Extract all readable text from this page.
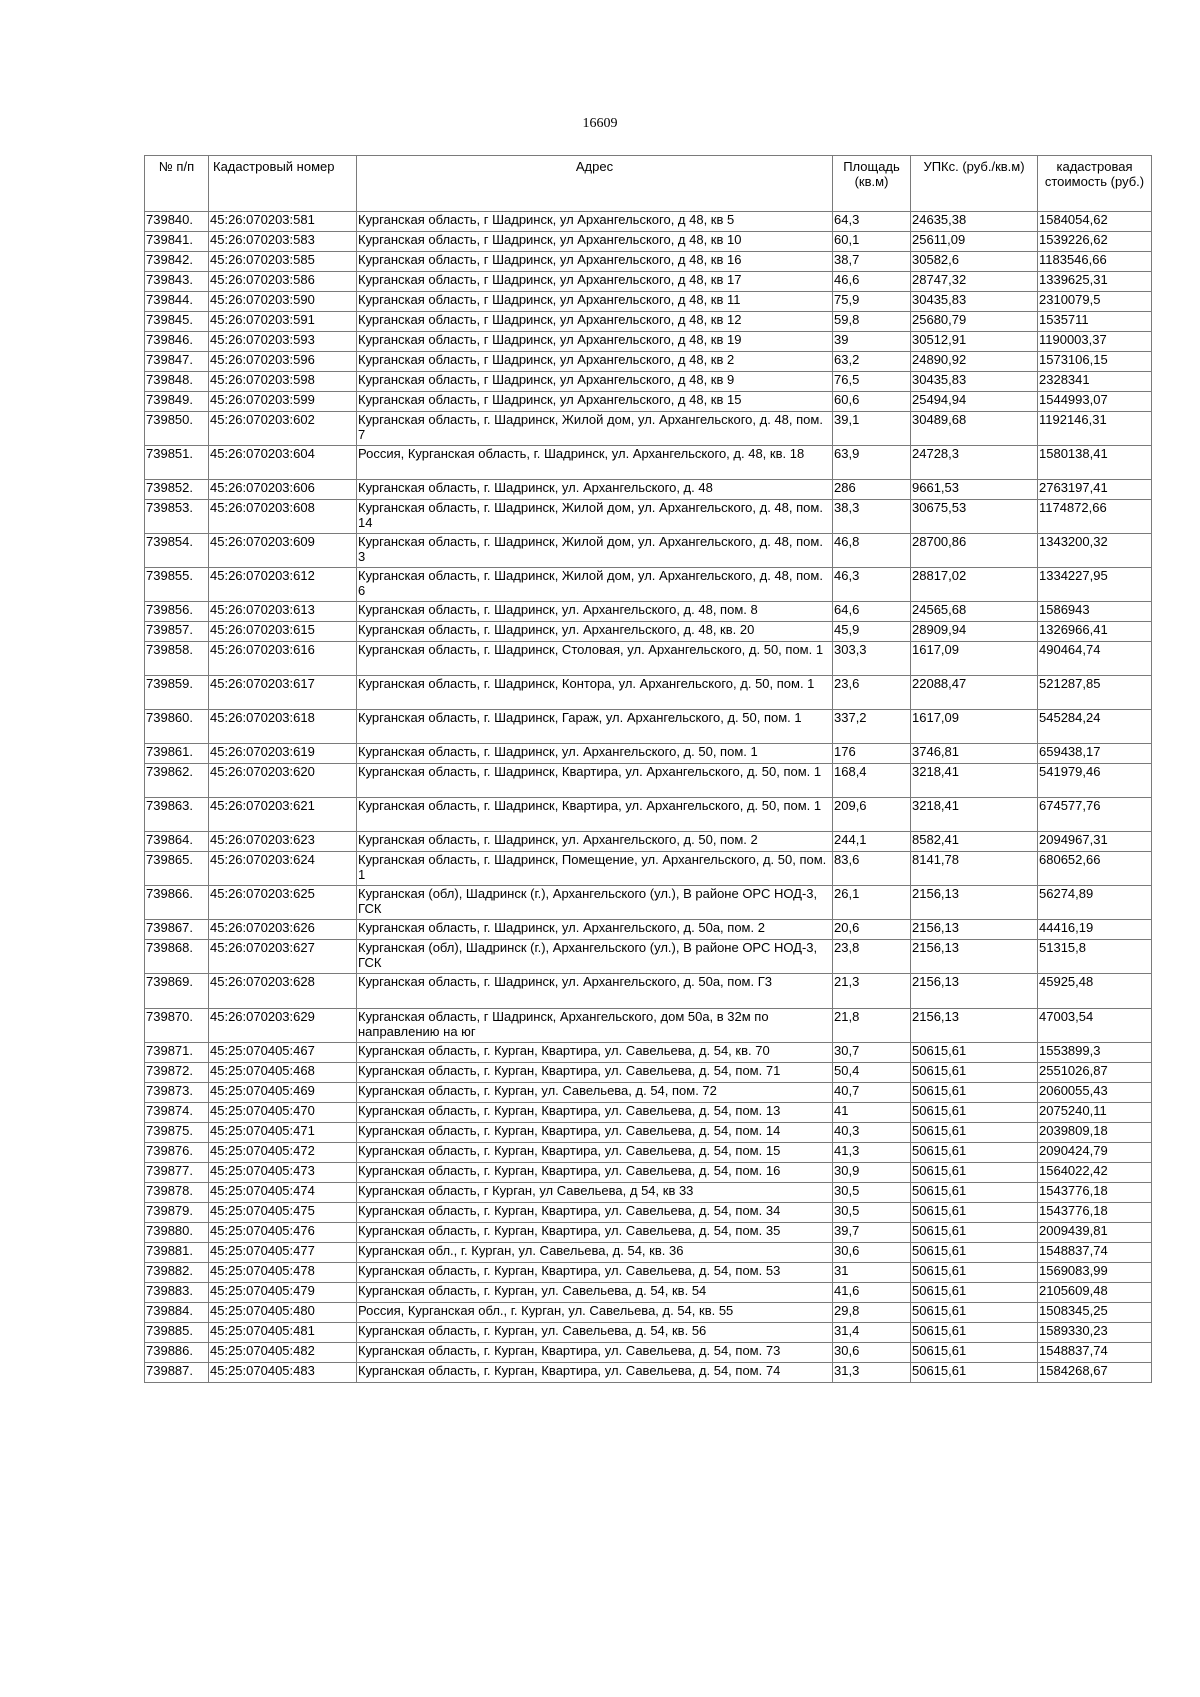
16609
№ п/п	Кадастровый номер	Адрес	Площадь (кв.м)	УПКс. (руб./кв.м)	кадастровая стоимость (руб.)
739840.	45:26:070203:581	Курганская область, г Шадринск, ул Архангельского, д 48, кв 5	64,3	24635,38	1584054,62
739841.	45:26:070203:583	Курганская область, г Шадринск, ул Архангельского, д 48, кв 10	60,1	25611,09	1539226,62
739842.	45:26:070203:585	Курганская область, г Шадринск, ул Архангельского, д 48, кв 16	38,7	30582,6	1183546,66
739843.	45:26:070203:586	Курганская область, г Шадринск, ул Архангельского, д 48, кв 17	46,6	28747,32	1339625,31
739844.	45:26:070203:590	Курганская область, г Шадринск, ул Архангельского, д 48, кв 11	75,9	30435,83	2310079,5
739845.	45:26:070203:591	Курганская область, г Шадринск, ул Архангельского, д 48, кв 12	59,8	25680,79	1535711
739846.	45:26:070203:593	Курганская область, г Шадринск, ул Архангельского, д 48, кв 19	39	30512,91	1190003,37
739847.	45:26:070203:596	Курганская область, г Шадринск, ул Архангельского, д 48, кв 2	63,2	24890,92	1573106,15
739848.	45:26:070203:598	Курганская область, г Шадринск, ул Архангельского, д 48, кв 9	76,5	30435,83	2328341
739849.	45:26:070203:599	Курганская область, г Шадринск, ул Архангельского, д 48, кв 15	60,6	25494,94	1544993,07
739850.	45:26:070203:602	Курганская область, г. Шадринск, Жилой дом, ул. Архангельского, д. 48, пом. 7	39,1	30489,68	1192146,31
739851.	45:26:070203:604	Россия, Курганская область, г. Шадринск, ул. Архангельского, д. 48, кв. 18	63,9	24728,3	1580138,41
739852.	45:26:070203:606	Курганская область, г. Шадринск, ул. Архангельского, д. 48	286	9661,53	2763197,41
739853.	45:26:070203:608	Курганская область, г. Шадринск, Жилой дом, ул. Архангельского, д. 48, пом. 14	38,3	30675,53	1174872,66
739854.	45:26:070203:609	Курганская область, г. Шадринск, Жилой дом, ул. Архангельского, д. 48, пом. 3	46,8	28700,86	1343200,32
739855.	45:26:070203:612	Курганская область, г. Шадринск, Жилой дом, ул. Архангельского, д. 48, пом. 6	46,3	28817,02	1334227,95
739856.	45:26:070203:613	Курганская область, г. Шадринск, ул. Архангельского, д. 48, пом. 8	64,6	24565,68	1586943
739857.	45:26:070203:615	Курганская область, г. Шадринск, ул. Архангельского, д. 48, кв. 20	45,9	28909,94	1326966,41
739858.	45:26:070203:616	Курганская область, г. Шадринск, Столовая, ул. Архангельского, д. 50, пом. 1	303,3	1617,09	490464,74
739859.	45:26:070203:617	Курганская область, г. Шадринск, Контора, ул. Архангельского, д. 50, пом. 1	23,6	22088,47	521287,85
739860.	45:26:070203:618	Курганская область, г. Шадринск, Гараж, ул. Архангельского, д. 50, пом. 1	337,2	1617,09	545284,24
739861.	45:26:070203:619	Курганская область, г. Шадринск, ул. Архангельского, д. 50, пом. 1	176	3746,81	659438,17
739862.	45:26:070203:620	Курганская область, г. Шадринск, Квартира, ул. Архангельского, д. 50, пом. 1	168,4	3218,41	541979,46
739863.	45:26:070203:621	Курганская область, г. Шадринск, Квартира, ул. Архангельского, д. 50, пом. 1	209,6	3218,41	674577,76
739864.	45:26:070203:623	Курганская область, г. Шадринск, ул. Архангельского, д. 50, пом. 2	244,1	8582,41	2094967,31
739865.	45:26:070203:624	Курганская область, г. Шадринск, Помещение, ул. Архангельского, д. 50, пом. 1	83,6	8141,78	680652,66
739866.	45:26:070203:625	Курганская (обл), Шадринск (г.), Архангельского (ул.), В районе ОРС НОД-3, ГСК	26,1	2156,13	56274,89
739867.	45:26:070203:626	Курганская область, г. Шадринск, ул. Архангельского, д. 50а, пом. 2	20,6	2156,13	44416,19
739868.	45:26:070203:627	Курганская (обл), Шадринск (г.), Архангельского (ул.), В районе ОРС НОД-3, ГСК	23,8	2156,13	51315,8
739869.	45:26:070203:628	Курганская область, г. Шадринск, ул. Архангельского, д. 50а, пом. Г3	21,3	2156,13	45925,48
739870.	45:26:070203:629	Курганская область, г Шадринск, Архангельского, дом 50а, в 32м по направлению на юг	21,8	2156,13	47003,54
739871.	45:25:070405:467	Курганская область, г. Курган, Квартира, ул. Савельева, д. 54, кв. 70	30,7	50615,61	1553899,3
739872.	45:25:070405:468	Курганская область, г. Курган, Квартира, ул. Савельева, д. 54, пом. 71	50,4	50615,61	2551026,87
739873.	45:25:070405:469	Курганская область, г. Курган, ул. Савельева, д. 54, пом. 72	40,7	50615,61	2060055,43
739874.	45:25:070405:470	Курганская область, г. Курган, Квартира, ул. Савельева, д. 54, пом. 13	41	50615,61	2075240,11
739875.	45:25:070405:471	Курганская область, г. Курган, Квартира, ул. Савельева, д. 54, пом. 14	40,3	50615,61	2039809,18
739876.	45:25:070405:472	Курганская область, г. Курган, Квартира, ул. Савельева, д. 54, пом. 15	41,3	50615,61	2090424,79
739877.	45:25:070405:473	Курганская область, г. Курган, Квартира, ул. Савельева, д. 54, пом. 16	30,9	50615,61	1564022,42
739878.	45:25:070405:474	Курганская область, г Курган, ул Савельева, д 54, кв 33	30,5	50615,61	1543776,18
739879.	45:25:070405:475	Курганская область, г. Курган, Квартира, ул. Савельева, д. 54, пом. 34	30,5	50615,61	1543776,18
739880.	45:25:070405:476	Курганская область, г. Курган, Квартира, ул. Савельева, д. 54, пом. 35	39,7	50615,61	2009439,81
739881.	45:25:070405:477	Курганская обл., г. Курган, ул. Савельева, д. 54, кв. 36	30,6	50615,61	1548837,74
739882.	45:25:070405:478	Курганская область, г. Курган, Квартира, ул. Савельева, д. 54, пом. 53	31	50615,61	1569083,99
739883.	45:25:070405:479	Курганская область, г. Курган, ул. Савельева, д. 54, кв. 54	41,6	50615,61	2105609,48
739884.	45:25:070405:480	Россия, Курганская обл., г. Курган, ул. Савельева, д. 54, кв. 55	29,8	50615,61	1508345,25
739885.	45:25:070405:481	Курганская область, г. Курган, ул. Савельева, д. 54, кв. 56	31,4	50615,61	1589330,23
739886.	45:25:070405:482	Курганская область, г. Курган, Квартира, ул. Савельева, д. 54, пом. 73	30,6	50615,61	1548837,74
739887.	45:25:070405:483	Курганская область, г. Курган, Квартира, ул. Савельева, д. 54, пом. 74	31,3	50615,61	1584268,67
